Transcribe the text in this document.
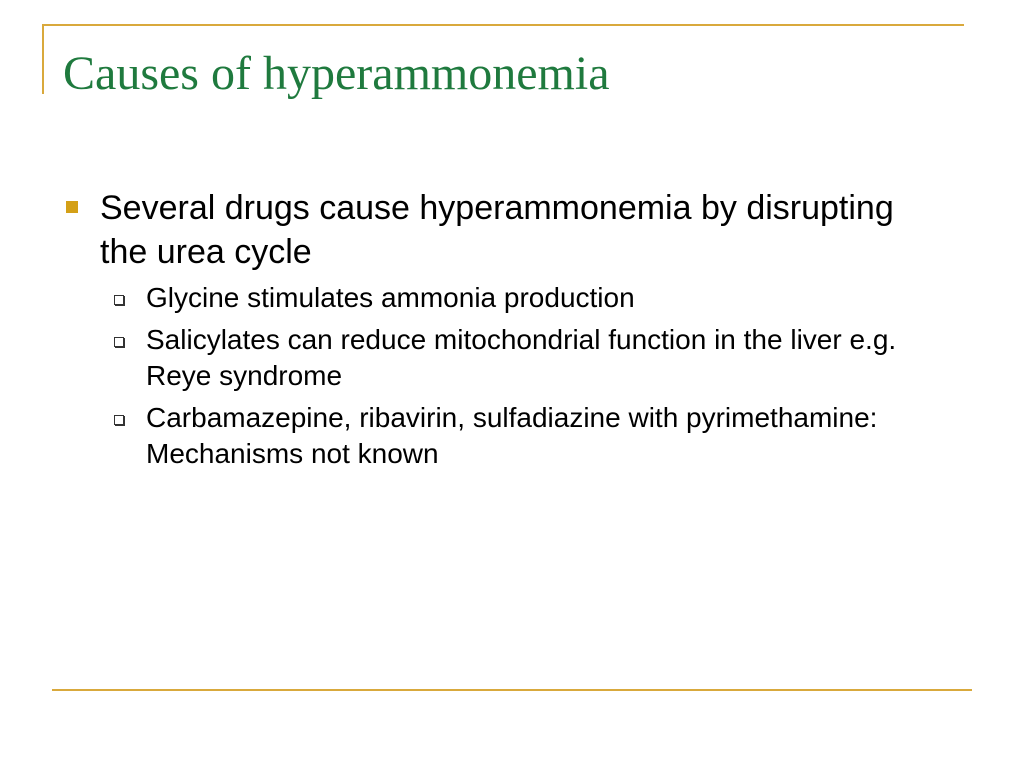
Causes of hyperammonemia
Several drugs cause hyperammonemia by disrupting the urea cycle
Glycine stimulates ammonia production
Salicylates can reduce mitochondrial function in the liver e.g. Reye syndrome
Carbamazepine, ribavirin, sulfadiazine with pyrimethamine: Mechanisms not known
